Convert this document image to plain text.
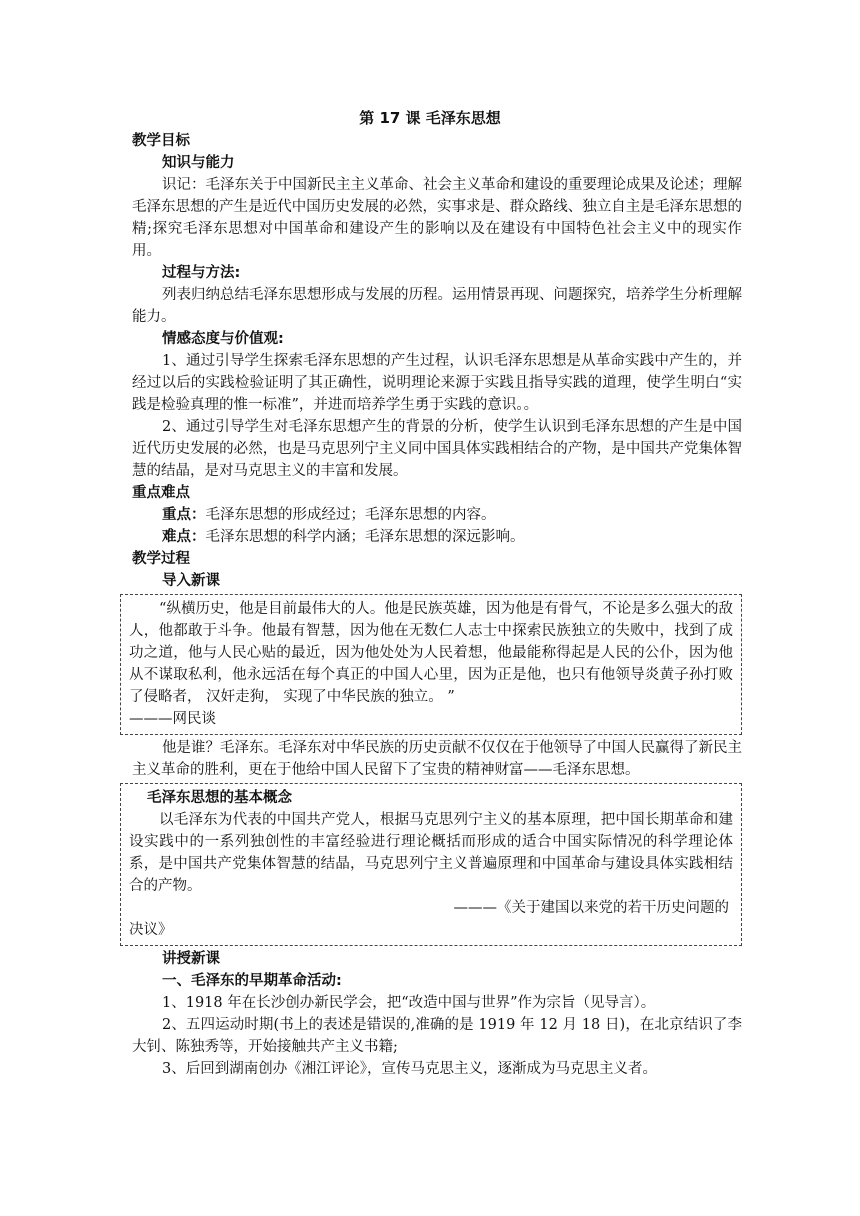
第 17 课 毛泽东思想

教学目标

知识与能力

识记：毛泽东关于中国新民主主义革命、社会主义革命和建设的重要理论成果及论述；理解毛泽东思想的产生是近代中国历史发展的必然，实事求是、群众路线、独立自主是毛泽东思想的精;探究毛泽东思想对中国革命和建设产生的影响以及在建设有中国特色社会主义中的现实作用。

过程与方法:

列表归纳总结毛泽东思想形成与发展的历程。运用情景再现、问题探究，培养学生分析理解能力。

情感态度与价值观:

1、通过引导学生探索毛泽东思想的产生过程，认识毛泽东思想是从革命实践中产生的，并经过以后的实践检验证明了其正确性，说明理论来源于实践且指导实践的道理，使学生明白“实践是检验真理的惟一标准”，并进而培养学生勇于实践的意识。。

2、通过引导学生对毛泽东思想产生的背景的分析，使学生认识到毛泽东思想的产生是中国近代历史发展的必然，也是马克思列宁主义同中国具体实践相结合的产物，是中国共产党集体智慧的结晶，是对马克思主义的丰富和发展。

重点难点

重点：毛泽东思想的形成经过；毛泽东思想的内容。

难点：毛泽东思想的科学内涵；毛泽东思想的深远影响。

教学过程

导入新课

“纵横历史，他是目前最伟大的人。他是民族英雄，因为他是有骨气，不论是多么强大的敌人，他都敢于斗争。他最有智慧，因为他在无数仁人志士中探索民族独立的失败中，找到了成功之道，他与人民心贴的最近，因为他处处为人民着想，他最能称得起是人民的公仆，因为他从不谋取私利，他永远活在每个真正的中国人心里，因为正是他，也只有他领导炎黄子孙打败了侵略者， 汉奸走狗， 实现了中华民族的独立。 ”

———网民谈

他是谁？毛泽东。毛泽东对中华民族的历史贡献不仅仅在于他领导了中国人民赢得了新民主主义革命的胜利，更在于他给中国人民留下了宝贵的精神财富——毛泽东思想。

毛泽东思想的基本概念

以毛泽东为代表的中国共产党人，根据马克思列宁主义的基本原理，把中国长期革命和建设实践中的一系列独创性的丰富经验进行理论概括而形成的适合中国实际情况的科学理论体系，是中国共产党集体智慧的结晶，马克思列宁主义普遍原理和中国革命与建设具体实践相结合的产物。

———《关于建国以来党的若干历史问题的

决议》

讲授新课

一、毛泽东的早期革命活动:

1、1918 年在长沙创办新民学会，把“改造中国与世界”作为宗旨（见导言）。

2、五四运动时期(书上的表述是错误的,准确的是 1919 年 12 月 18 日)，在北京结识了李大钊、陈独秀等，开始接触共产主义书籍;

3、后回到湖南创办《湘江评论》，宣传马克思主义，逐渐成为马克思主义者。
